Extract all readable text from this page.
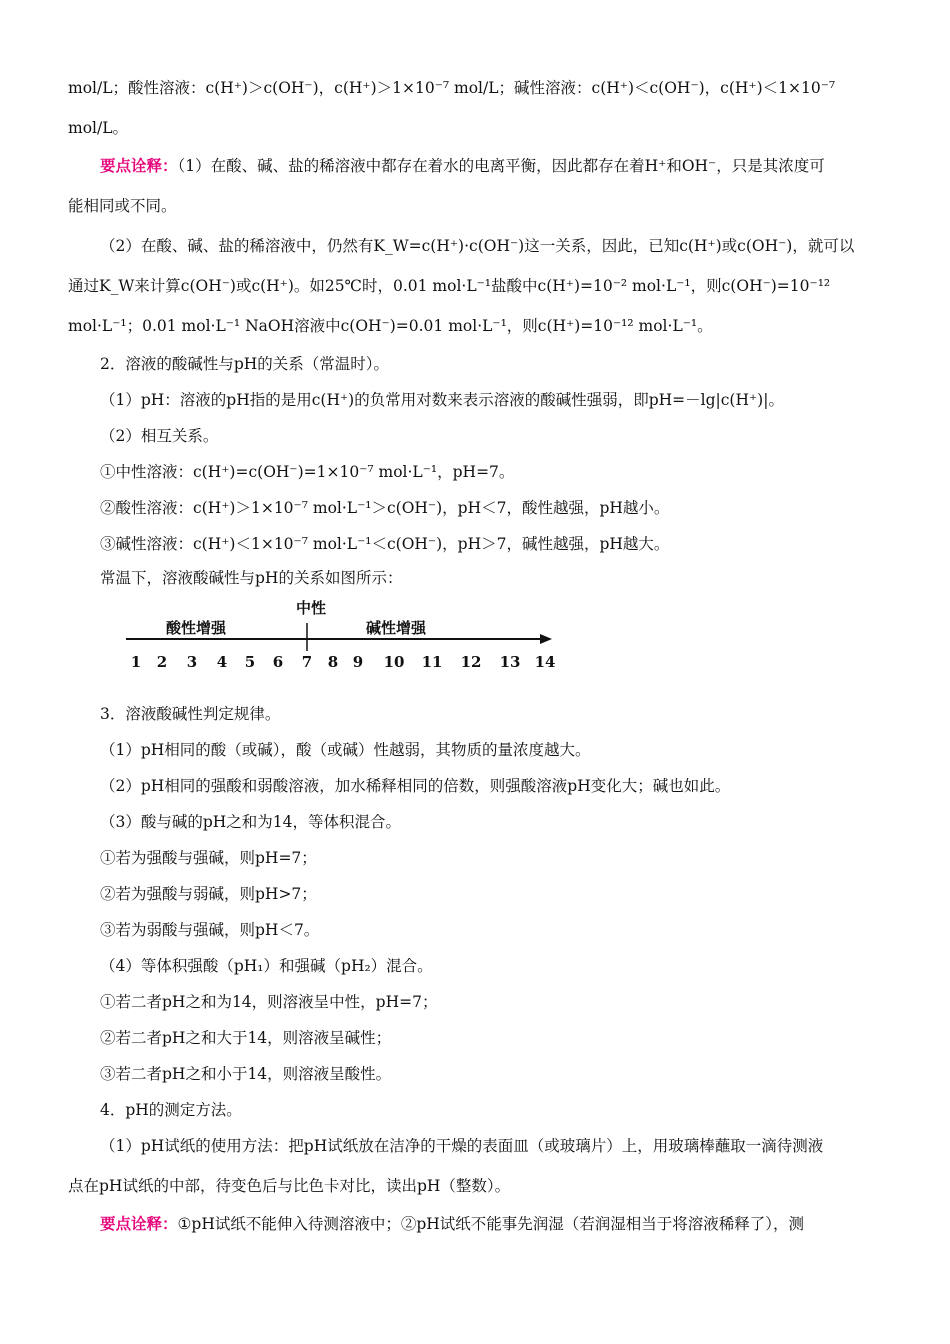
mol/L；酸性溶液：c(H⁺)＞c(OH⁻)，c(H⁺)＞1×10⁻⁷ mol/L；碱性溶液：c(H⁺)＜c(OH⁻)，c(H⁺)＜1×10⁻⁷
mol/L。
要点诠释：（1）在酸、碱、盐的稀溶液中都存在着水的电离平衡，因此都存在着H⁺和OH⁻，只是其浓度可
能相同或不同。
（2）在酸、碱、盐的稀溶液中，仍然有K_W=c(H⁺)·c(OH⁻)这一关系，因此，已知c(H⁺)或c(OH⁻)，就可以
通过K_W来计算c(OH⁻)或c(H⁺)。如25℃时，0.01 mol·L⁻¹盐酸中c(H⁺)=10⁻² mol·L⁻¹，则c(OH⁻)=10⁻¹²
mol·L⁻¹；0.01 mol·L⁻¹ NaOH溶液中c(OH⁻)=0.01 mol·L⁻¹，则c(H⁺)=10⁻¹² mol·L⁻¹。
2．溶液的酸碱性与pH的关系（常温时）。
（1）pH：溶液的pH指的是用c(H⁺)的负常用对数来表示溶液的酸碱性强弱，即pH=－lg|c(H⁺)|。
（2）相互关系。
①中性溶液：c(H⁺)=c(OH⁻)=1×10⁻⁷ mol·L⁻¹，pH=7。
②酸性溶液：c(H⁺)＞1×10⁻⁷ mol·L⁻¹＞c(OH⁻)，pH＜7，酸性越强，pH越小。
③碱性溶液：c(H⁺)＜1×10⁻⁷ mol·L⁻¹＜c(OH⁻)，pH＞7，碱性越强，pH越大。
常温下，溶液酸碱性与pH的关系如图所示：
中性
酸性增强	碱性增强
1 2 3 4 5 6 7 8 9 10 11 12 13 14
3．溶液酸碱性判定规律。
（1）pH相同的酸（或碱），酸（或碱）性越弱，其物质的量浓度越大。
（2）pH相同的强酸和弱酸溶液，加水稀释相同的倍数，则强酸溶液pH变化大；碱也如此。
（3）酸与碱的pH之和为14，等体积混合。
①若为强酸与强碱，则pH=7；
②若为强酸与弱碱，则pH>7；
③若为弱酸与强碱，则pH＜7。
（4）等体积强酸（pH₁）和强碱（pH₂）混合。
①若二者pH之和为14，则溶液呈中性，pH=7；
②若二者pH之和大于14，则溶液呈碱性；
③若二者pH之和小于14，则溶液呈酸性。
4．pH的测定方法。
（1）pH试纸的使用方法：把pH试纸放在洁净的干燥的表面皿（或玻璃片）上，用玻璃棒蘸取一滴待测液
点在pH试纸的中部，待变色后与比色卡对比，读出pH（整数）。
要点诠释：①pH试纸不能伸入待测溶液中；②pH试纸不能事先润湿（若润湿相当于将溶液稀释了），测
